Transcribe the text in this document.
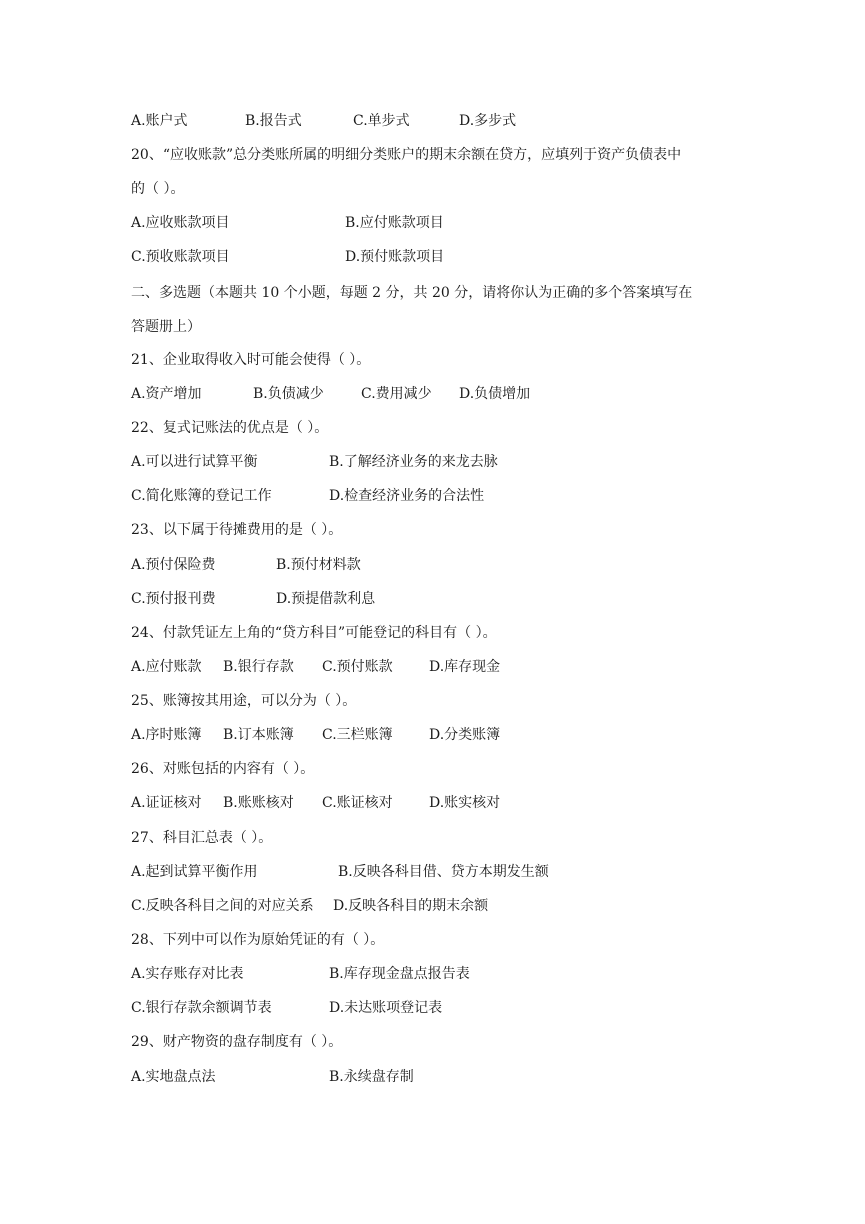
A.账户式	B.报告式	C.单步式	D.多步式
20、“应收账款”总分类账所属的明细分类账户的期末余额在贷方，应填列于资产负债表中
的（ ）。
A.应收账款项目	B.应付账款项目
C.预收账款项目	D.预付账款项目
二、多选题（本题共 10 个小题，每题 2 分，共 20 分，请将你认为正确的多个答案填写在
答题册上）
21、企业取得收入时可能会使得（ ）。
A.资产增加	B.负债减少	C.费用减少 D.负债增加
22、复式记账法的优点是（ ）。
A.可以进行试算平衡	B.了解经济业务的来龙去脉
C.简化账簿的登记工作	D.检查经济业务的合法性
23、以下属于待摊费用的是（ ）。
A.预付保险费	B.预付材料款
C.预付报刊费	D.预提借款利息
24、付款凭证左上角的“贷方科目”可能登记的科目有（ ）。
A.应付账款 B.银行存款 C.预付账款	D.库存现金
25、账簿按其用途，可以分为（ ）。
A.序时账簿 B.订本账簿 C.三栏账簿	D.分类账簿
26、对账包括的内容有（ ）。
A.证证核对 B.账账核对 C.账证核对	D.账实核对
27、科目汇总表（ ）。
A.起到试算平衡作用	B.反映各科目借、贷方本期发生额
C.反映各科目之间的对应关系 D.反映各科目的期末余额
28、下列中可以作为原始凭证的有（ ）。
A.实存账存对比表	B.库存现金盘点报告表
C.银行存款余额调节表	D.未达账项登记表
29、财产物资的盘存制度有（ ）。
A.实地盘点法	B.永续盘存制
